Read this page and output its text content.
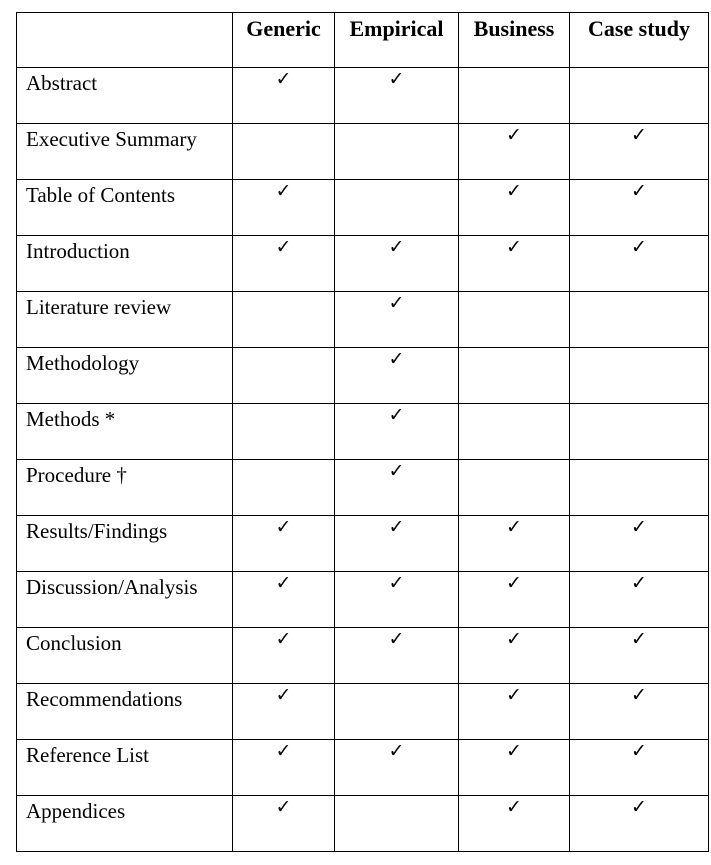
	Generic	Empirical	Business	Case study
Abstract	✓	✓		
Executive Summary			✓	✓
Table of Contents	✓		✓	✓
Introduction	✓	✓	✓	✓
Literature review		✓		
Methodology		✓		
Methods *		✓		
Procedure †		✓		
Results/Findings	✓	✓	✓	✓
Discussion/Analysis	✓	✓	✓	✓
Conclusion	✓	✓	✓	✓
Recommendations	✓		✓	✓
Reference List	✓	✓	✓	✓
Appendices	✓		✓	✓
